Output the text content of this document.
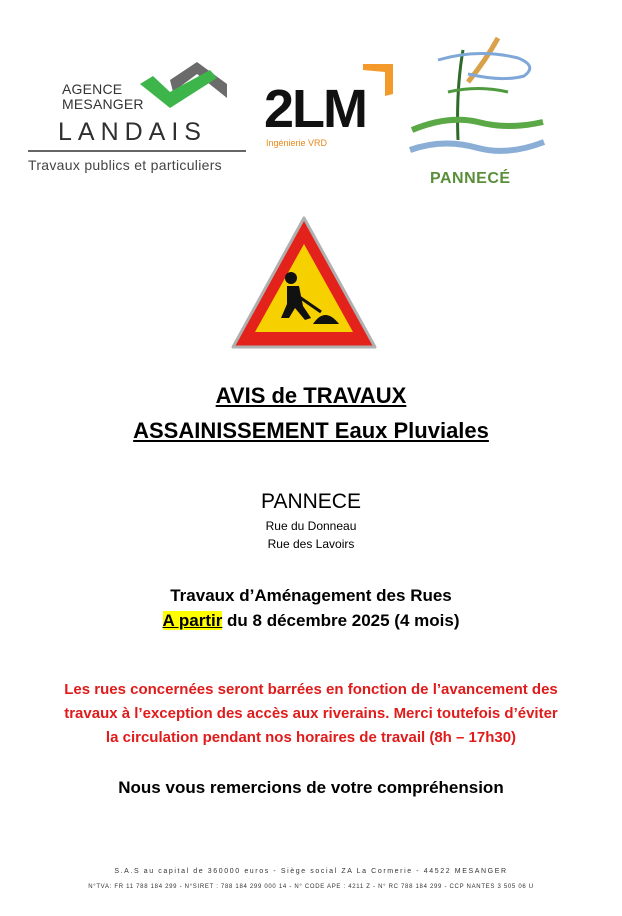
AGENCE
MESANGER
LANDAIS
Travaux publics et particuliers
2LM
Ingénierie VRD
PANNECÉ
AVIS de TRAVAUX
ASSAINISSEMENT Eaux Pluviales
PANNECE
Rue du Donneau
Rue des Lavoirs
Travaux d’Aménagement des Rues
A partir du 8 décembre 2025 (4 mois)
Les rues concernées seront barrées en fonction de l’avancement des
travaux à l’exception des accès aux riverains. Merci toutefois d’éviter
la circulation pendant nos horaires de travail (8h – 17h30)
Nous vous remercions de votre compréhension
S.A.S au capital de 360000 euros - Siège social ZA La Cormerie - 44522 MESANGER
N°TVA: FR 11 788 184 299 - N°SIRET : 788 184 299 000 14 - N° CODE APE : 4211 Z - N° RC 788 184 299 - CCP NANTES 3 505 06 U
